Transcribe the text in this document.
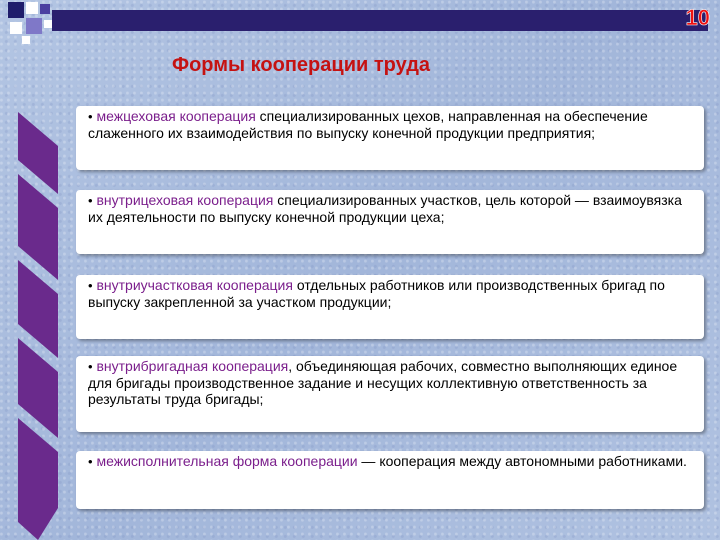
10

Формы кооперации труда
• межцеховая кооперация специализированных цехов, направленная на обеспечение слаженного их взаимодействия по выпуску конечной продукции предприятия;
• внутрицеховая кооперация специализированных участков, цель которой — взаимоувязка их деятельности по выпуску конечной продукции цеха;
• внутриучастковая кооперация отдельных работников или производственных бригад по выпуску закрепленной за участком продукции;
• внутрибригадная кооперация, объединяющая рабочих, совместно выполняющих единое для бригады производственное задание и несущих коллективную ответственность за результаты труда бригады;
• межисполнительная форма кооперации — кооперация между автономными работниками.
